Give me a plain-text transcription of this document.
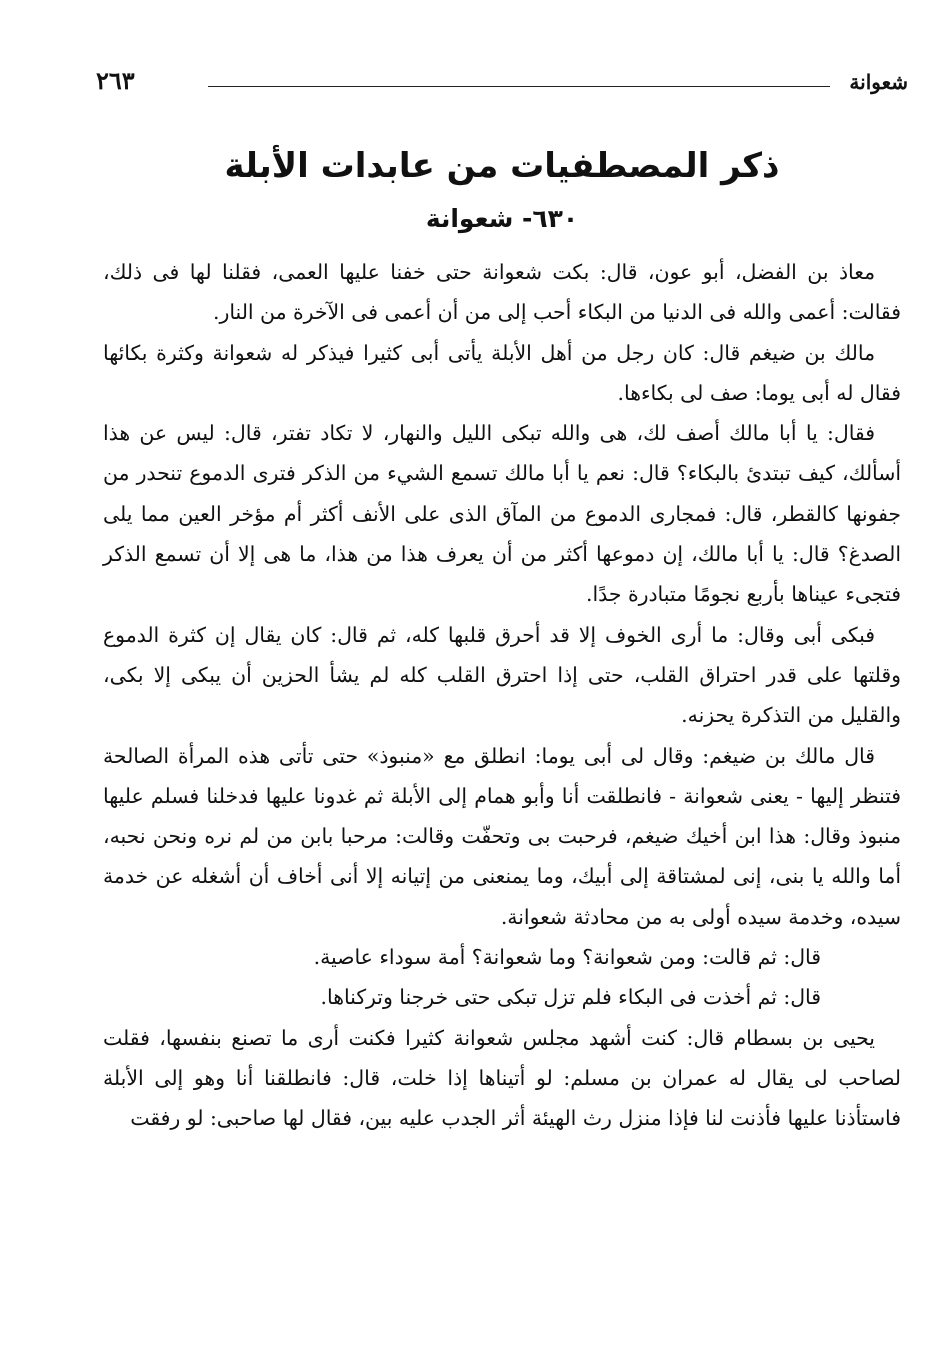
شعوانة
٢٦٣
ذكر المصطفيات من عابدات الأبلة
٦٣٠- شعوانة

معاذ بن الفضل، أبو عون، قال: بكت شعوانة حتى خفنا عليها العمى، فقلنا لها فى ذلك، فقالت: أعمى والله فى الدنيا من البكاء أحب إلى من أن أعمى فى الآخرة من النار.

مالك بن ضيغم قال: كان رجل من أهل الأبلة يأتى أبى كثيرا فيذكر له شعوانة وكثرة بكائها فقال له أبى يوما: صف لى بكاءها.

فقال: يا أبا مالك أصف لك، هى والله تبكى الليل والنهار، لا تكاد تفتر، قال: ليس عن هذا أسألك، كيف تبتدئ بالبكاء؟ قال: نعم يا أبا مالك تسمع الشيء من الذكر فترى الدموع تنحدر من جفونها كالقطر، قال: فمجارى الدموع من المآق الذى على الأنف أكثر أم مؤخر العين مما يلى الصدغ؟ قال: يا أبا مالك، إن دموعها أكثر من أن يعرف هذا من هذا، ما هى إلا أن تسمع الذكر فتجىء عيناها بأربع نجومًا متبادرة جدًا.

فبكى أبى وقال: ما أرى الخوف إلا قد أحرق قلبها كله، ثم قال: كان يقال إن كثرة الدموع وقلتها على قدر احتراق القلب، حتى إذا احترق القلب كله لم يشأ الحزين أن يبكى إلا بكى، والقليل من التذكرة يحزنه.

قال مالك بن ضيغم: وقال لى أبى يوما: انطلق مع «منبوذ» حتى تأتى هذه المرأة الصالحة فتنظر إليها - يعنى شعوانة - فانطلقت أنا وأبو همام إلى الأبلة ثم غدونا عليها فدخلنا فسلم عليها منبوذ وقال: هذا ابن أخيك ضيغم، فرحبت بى وتحفّت وقالت: مرحبا بابن من لم نره ونحن نحبه، أما والله يا بنى، إنى لمشتاقة إلى أبيك، وما يمنعنى من إتيانه إلا أنى أخاف أن أشغله عن خدمة سيده، وخدمة سيده أولى به من محادثة شعوانة.

قال: ثم قالت: ومن شعوانة؟ وما شعوانة؟ أمة سوداء عاصية.

قال: ثم أخذت فى البكاء فلم تزل تبكى حتى خرجنا وتركناها.

يحيى بن بسطام قال: كنت أشهد مجلس شعوانة كثيرا فكنت أرى ما تصنع بنفسها، فقلت لصاحب لى يقال له عمران بن مسلم: لو أتيناها إذا خلت، قال: فانطلقنا أنا وهو إلى الأبلة فاستأذنا عليها فأذنت لنا فإذا منزل رث الهيئة أثر الجدب عليه بين، فقال لها صاحبى: لو رفقت
